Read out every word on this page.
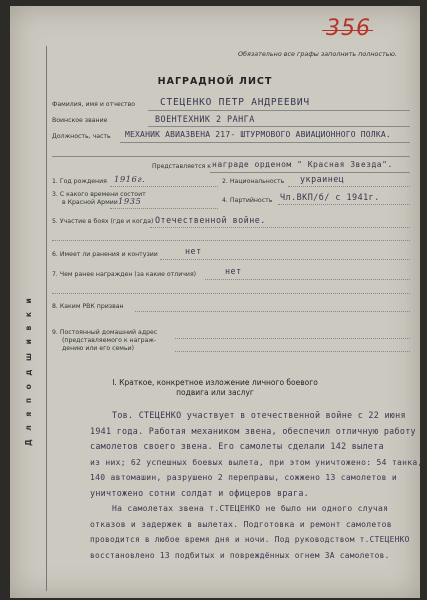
356
Обязательно все графы заполнить полностью.
НАГРАДНОЙ ЛИСТ
Д л я п о д ш и в к и
Фамилия, имя и отчество	СТЕЦЕНКО ПЕТР АНДРЕЕВИЧ
Воинское звание	ВОЕНТЕХНИК 2 РАНГА
Должность, часть МЕХАНИК АВИАЗВЕНА 217- ШТУРМОВОГО АВИАЦИОННОГО ПОЛКА.
Представляется к награде орденом " Красная Звезда".
1. Год рождения 1916г.	2. Национальность украинец
3. С какого времени состоит
в Красной Армии 1935	4. Партийность Чл.ВКП/б/ с 1941г.
5. Участие в боях (где и когда) Отечественной войне.
6. Имеет ли ранения и контузии	нет
7. Чем ранее награжден (за какие отличия)	нет
8. Каким РВК призван
9. Постоянный домашний адрес
(представляемого к награж-
дению или его семьи)
I. Краткое, конкретное изложение личного боевого
подвига или заслуг
Тов. СТЕЦЕНКО участвует в отечественной войне с 22 июня
1941 года. Работая механиком звена, обеспечил отличную работу
самолетов своего звена. Его самолеты сделали 142 вылета
из них; 62 успешных боевых вылета, при этом уничтожено: 54 танка,
140 автомашин, разрушено 2 переправы, сожжено 13 самолетов и
уничтожено сотни солдат и офицеров врага.
На самолетах звена т.СТЕЦЕНКО не было ни одного случая
отказов и задержек в вылетах. Подготовка и ремонт самолетов
проводится в любое время дня и ночи. Под руководством т.СТЕЦЕНКО
восстановлено 13 подбитых и повреждённых огнем ЗА самолетов.
